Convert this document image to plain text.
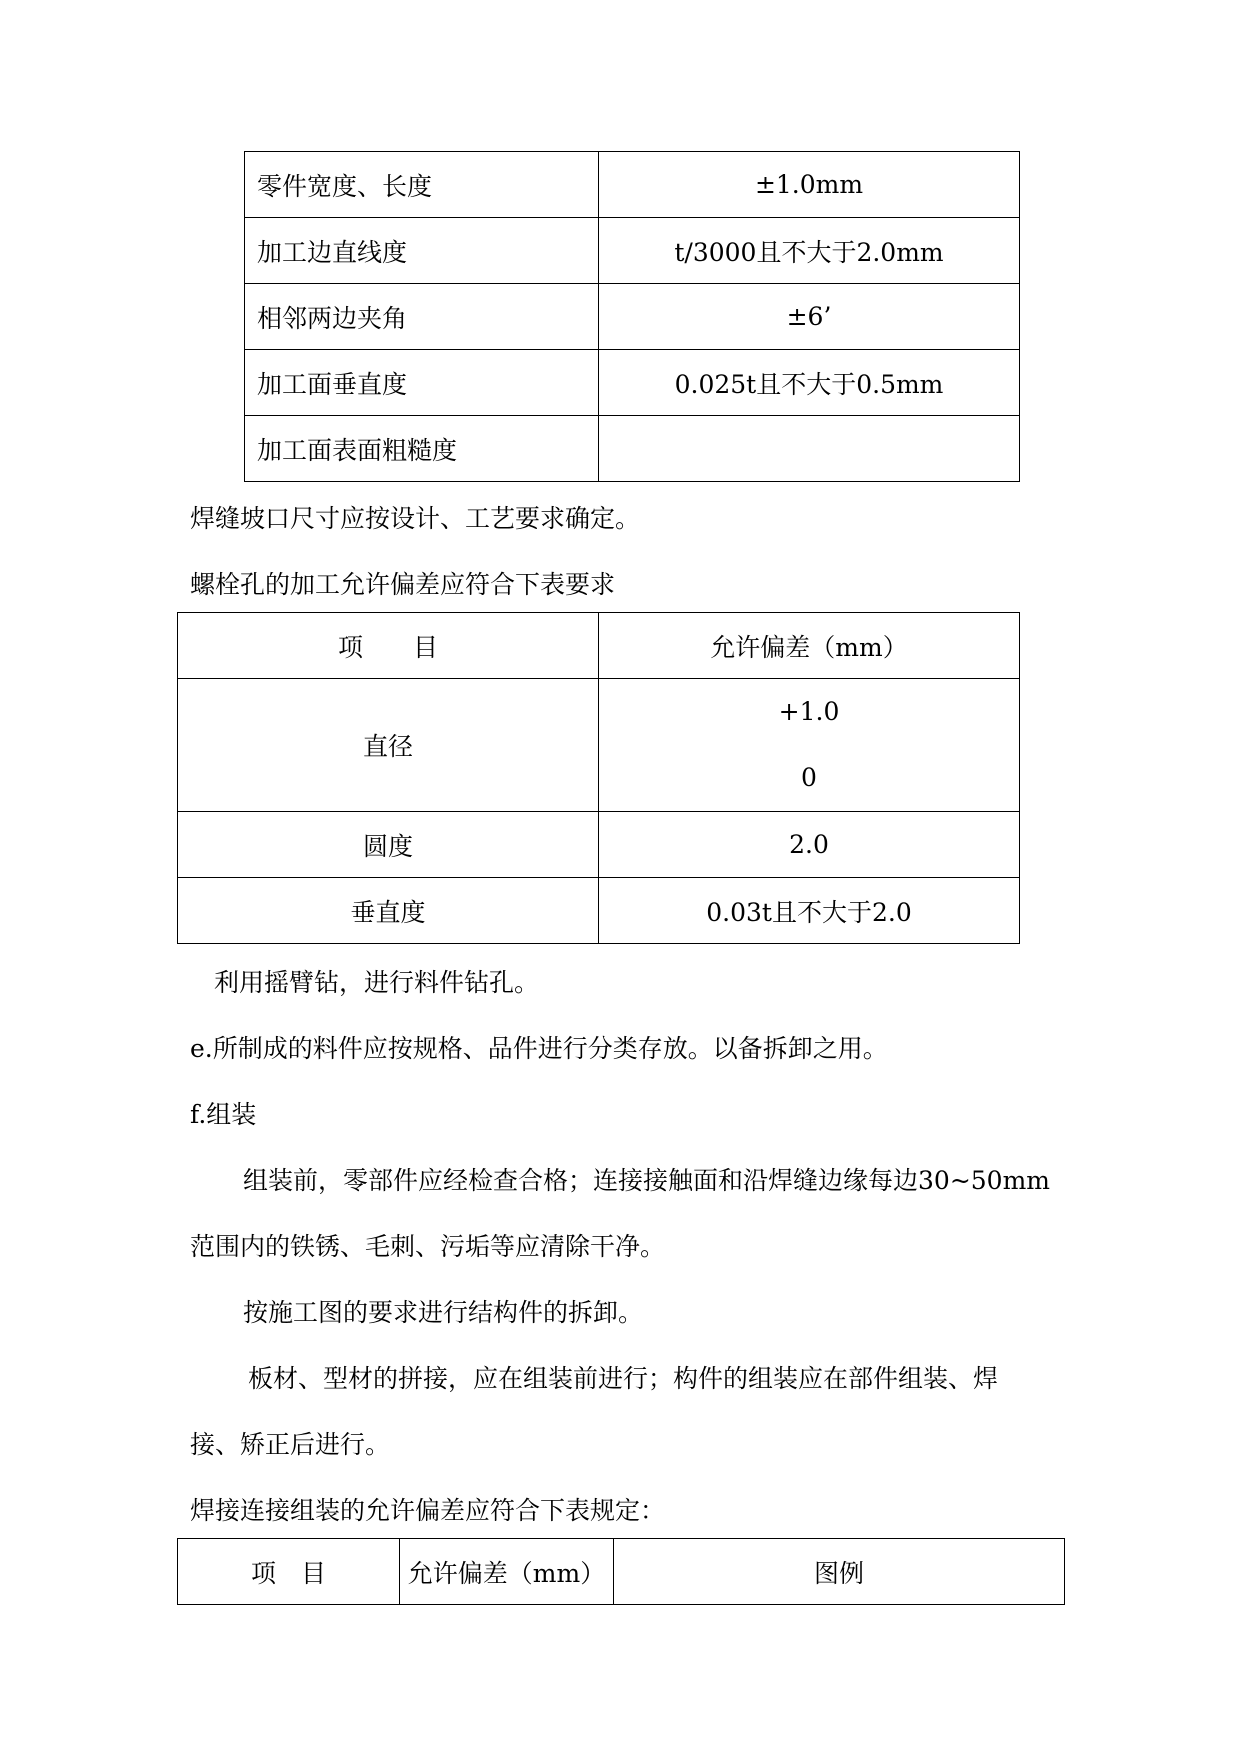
零件宽度、长度	±1.0mm
加工边直线度	t/3000且不大于2.0mm
相邻两边夹角	±6’
加工面垂直度	0.025t且不大于0.5mm
加工面表面粗糙度	
焊缝坡口尺寸应按设计、工艺要求确定。
螺栓孔的加工允许偏差应符合下表要求
项　　目	允许偏差（mm）
直径	+1.0
0

圆度	2.0
垂直度	0.03t且不大于2.0
利用摇臂钻，进行料件钻孔。
e.所制成的料件应按规格、品件进行分类存放。以备拆卸之用。
f.组装
组装前，零部件应经检查合格；连接接触面和沿焊缝边缘每边30~50mm
范围内的铁锈、毛刺、污垢等应清除干净。
按施工图的要求进行结构件的拆卸。
板材、型材的拼接，应在组装前进行；构件的组装应在部件组装、焊
接、矫正后进行。
焊接连接组装的允许偏差应符合下表规定：
项　目	允许偏差（mm）	图例
